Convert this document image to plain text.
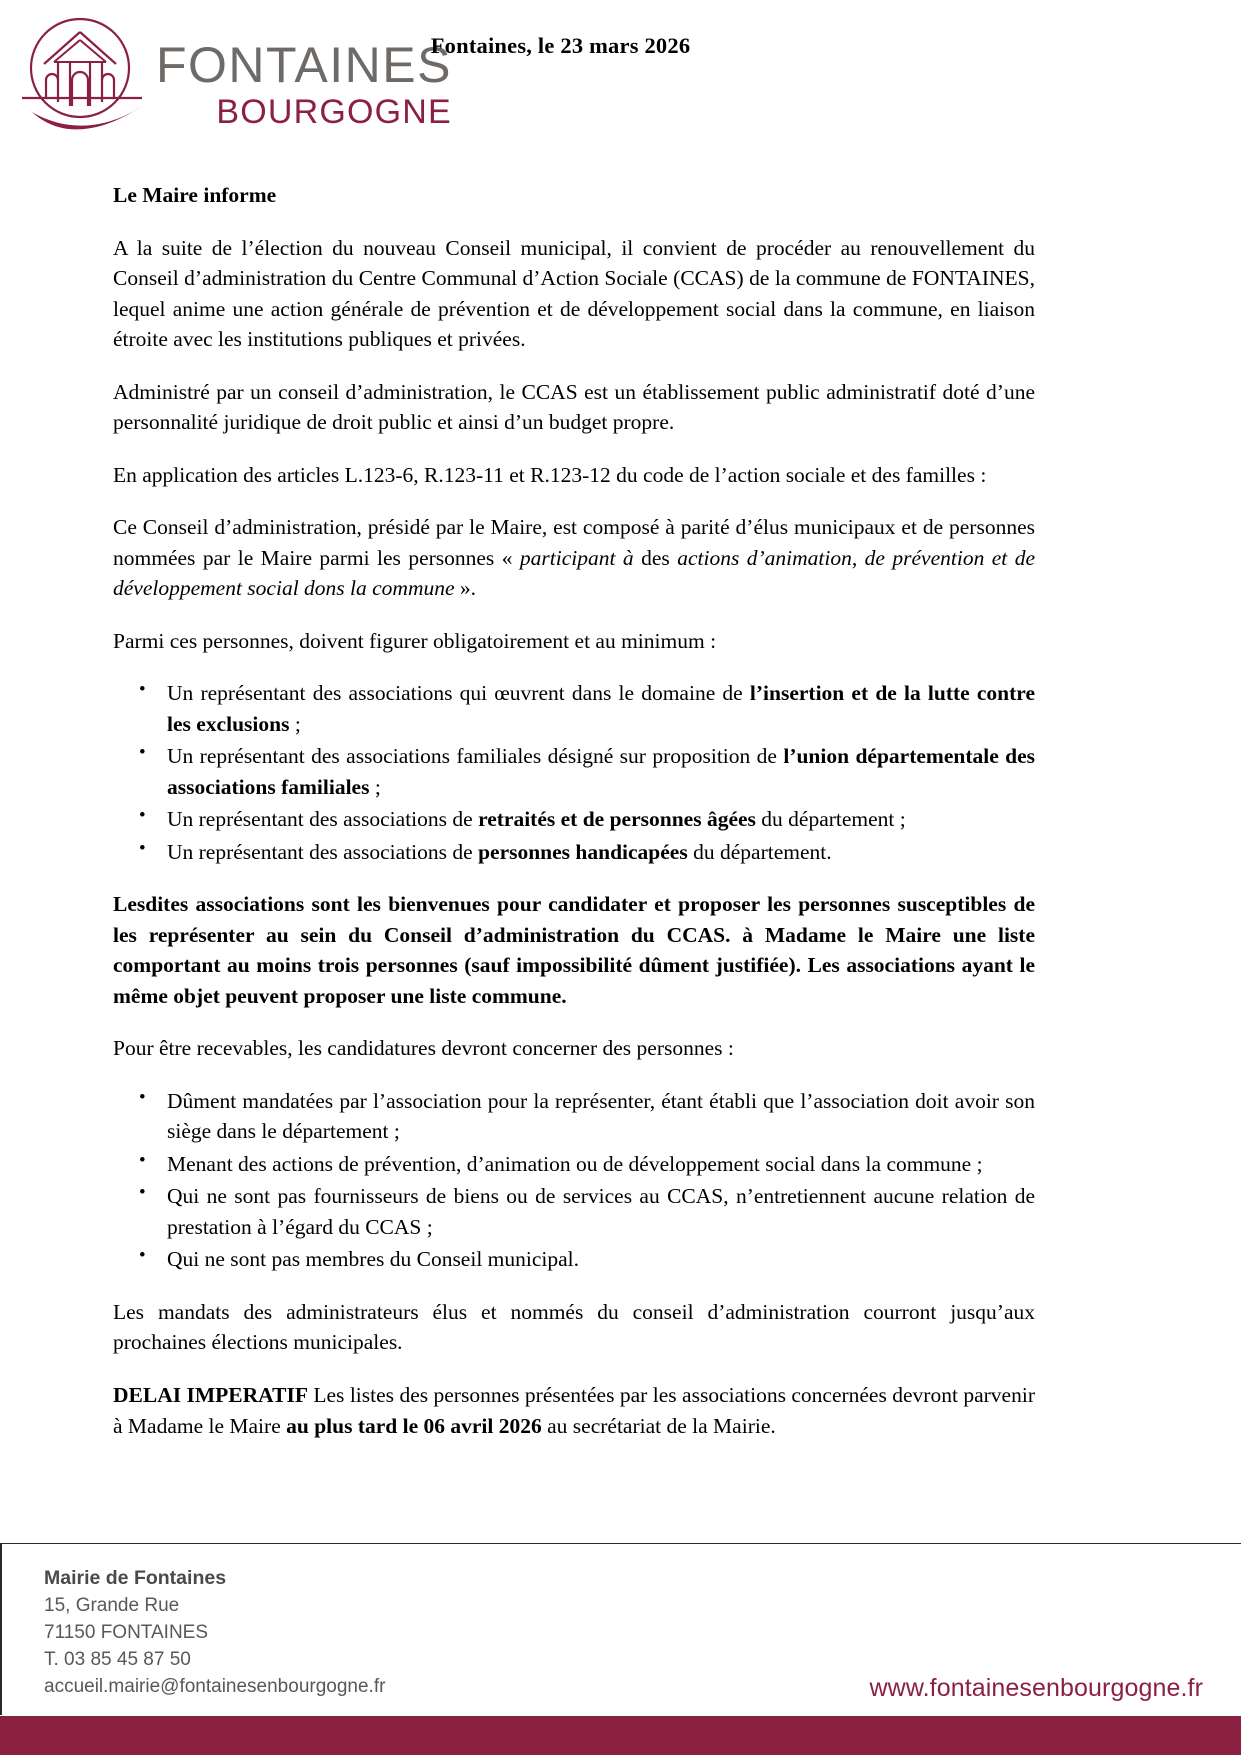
FONTAINES
BOURGOGNE
Fontaines, le 23 mars 2026
Le Maire informe

A la suite de l’élection du nouveau Conseil municipal, il convient de procéder au renouvellement du Conseil d’administration du Centre Communal d’Action Sociale (CCAS) de la commune de FONTAINES, lequel anime une action générale de prévention et de développement social dans la commune, en liaison étroite avec les institutions publiques et privées.

Administré par un conseil d’administration, le CCAS est un établissement public administratif doté d’une personnalité juridique de droit public et ainsi d’un budget propre.

En application des articles L.123-6, R.123-11 et R.123-12 du code de l’action sociale et des familles :

Ce Conseil d’administration, présidé par le Maire, est composé à parité d’élus municipaux et de personnes nommées par le Maire parmi les personnes « participant à des actions d’animation, de prévention et de développement social dons la commune ».

Parmi ces personnes, doivent figurer obligatoirement et au minimum :

• Un représentant des associations qui œuvrent dans le domaine de l’insertion et de la lutte contre les exclusions ;
• Un représentant des associations familiales désigné sur proposition de l’union départementale des associations familiales ;
• Un représentant des associations de retraités et de personnes âgées du département ;
• Un représentant des associations de personnes handicapées du département.

Lesdites associations sont les bienvenues pour candidater et proposer les personnes susceptibles de les représenter au sein du Conseil d’administration du CCAS. à Madame le Maire une liste comportant au moins trois personnes (sauf impossibilité dûment justifiée). Les associations ayant le même objet peuvent proposer une liste commune.

Pour être recevables, les candidatures devront concerner des personnes :

• Dûment mandatées par l’association pour la représenter, étant établi que l’association doit avoir son siège dans le département ;
• Menant des actions de prévention, d’animation ou de développement social dans la commune ;
• Qui ne sont pas fournisseurs de biens ou de services au CCAS, n’entretiennent aucune relation de prestation à l’égard du CCAS ;
• Qui ne sont pas membres du Conseil municipal.

Les mandats des administrateurs élus et nommés du conseil d’administration courront jusqu’aux prochaines élections municipales.

DELAI IMPERATIF Les listes des personnes présentées par les associations concernées devront parvenir à Madame le Maire au plus tard le 06 avril 2026 au secrétariat de la Mairie.

Mairie de Fontaines
15, Grande Rue
71150 FONTAINES
T. 03 85 45 87 50
accueil.mairie@fontainesenbourgogne.fr	www.fontainesenbourgogne.fr
